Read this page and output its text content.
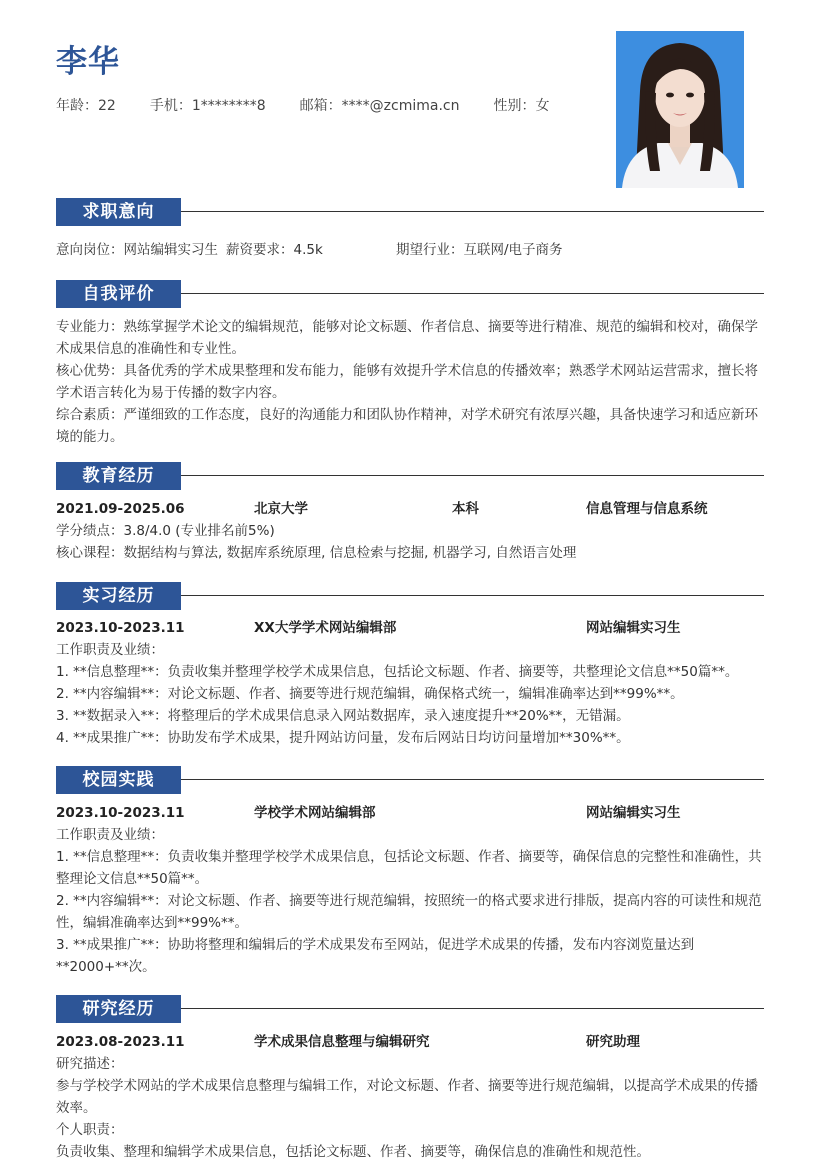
李华
年龄：22 手机：1********8 邮箱：****@zcmima.cn 性别：女
求职意向
意向岗位：网站编辑实习生 薪资要求：4.5k	期望行业：互联网/电子商务
自我评价

专业能力：熟练掌握学术论文的编辑规范，能够对论文标题、作者信息、摘要等进行精准、规范的编辑和校对，确保学术成果信息的准确性和专业性。

核心优势：具备优秀的学术成果整理和发布能力，能够有效提升学术信息的传播效率；熟悉学术网站运营需求，擅长将学术语言转化为易于传播的数字内容。

综合素质：严谨细致的工作态度，良好的沟通能力和团队协作精神，对学术研究有浓厚兴趣，具备快速学习和适应新环境的能力。

教育经历
2021.09-2025.06	北京大学	本科	信息管理与信息系统

学分绩点：3.8/4.0 (专业排名前5%)

核心课程：数据结构与算法, 数据库系统原理, 信息检索与挖掘, 机器学习, 自然语言处理

实习经历
2023.10-2023.11	XX大学学术网站编辑部	网站编辑实习生

工作职责及业绩：

1. **信息整理**：负责收集并整理学校学术成果信息，包括论文标题、作者、摘要等，共整理论文信息**50篇**。

2. **内容编辑**：对论文标题、作者、摘要等进行规范编辑，确保格式统一，编辑准确率达到**99%**。

3. **数据录入**：将整理后的学术成果信息录入网站数据库，录入速度提升**20%**，无错漏。

4. **成果推广**：协助发布学术成果，提升网站访问量，发布后网站日均访问量增加**30%**。

校园实践
2023.10-2023.11	学校学术网站编辑部	网站编辑实习生

工作职责及业绩：

1. **信息整理**：负责收集并整理学校学术成果信息，包括论文标题、作者、摘要等，确保信息的完整性和准确性，共整理论文信息**50篇**。

2. **内容编辑**：对论文标题、作者、摘要等进行规范编辑，按照统一的格式要求进行排版，提高内容的可读性和规范性，编辑准确率达到**99%**。

3. **成果推广**：协助将整理和编辑后的学术成果发布至网站，促进学术成果的传播，发布内容浏览量达到**2000+**次。

研究经历
2023.08-2023.11	学术成果信息整理与编辑研究	研究助理

研究描述：

参与学校学术网站的学术成果信息整理与编辑工作，对论文标题、作者、摘要等进行规范编辑，以提高学术成果的传播效率。

个人职责：

负责收集、整理和编辑学术成果信息，包括论文标题、作者、摘要等，确保信息的准确性和规范性。
